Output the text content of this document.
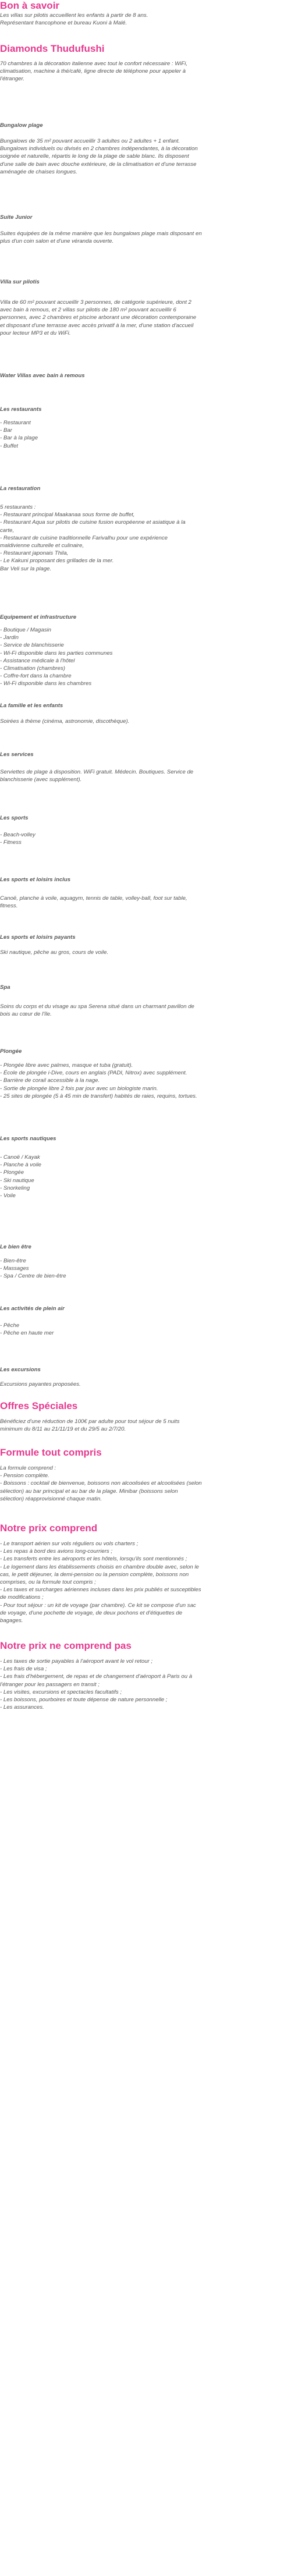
Bon à savoir
Les villas sur pilotis accueillent les enfants à partir de 8 ans.
Représentant francophone et bureau Kuoni à Malé.
Diamonds Thudufushi
70 chambres à la décoration italienne avec tout le confort nécessaire : WiFi,
climatisation, machine à thé/café, ligne directe de téléphone pour appeler à
l'étranger.
Bungalow plage
Bungalows de 35 m² pouvant accueillir 3 adultes ou 2 adultes + 1 enfant.
Bungalows individuels ou divisés en 2 chambres indépendantes, à la décoration
soignée et naturelle, répartis le long de la plage de sable blanc. Ils disposent
d'une salle de bain avec douche extérieure, de la climatisation et d'une terrasse
aménagée de chaises longues.
Suite Junior
Suites équipées de la même manière que les bungalows plage mais disposant en
plus d'un coin salon et d'une véranda ouverte.
Villa sur pilotis
Villa de 60 m² pouvant accueillir 3 personnes, de catégorie supérieure, dont 2
avec bain à remous, et 2 villas sur pilotis de 180 m² pouvant accueillir 6
personnes, avec 2 chambres et piscine arborant une décoration contemporaine
et disposant d'une terrasse avec accès privatif à la mer, d'une station d'accueil
pour lecteur MP3 et du WiFi.
Water Villas avec bain à remous
Les restaurants
- Restaurant
- Bar
- Bar à la plage
- Buffet
La restauration
5 restaurants :
- Restaurant principal Maakanaa sous forme de buffet,
- Restaurant Aqua sur pilotis de cuisine fusion européenne et asiatique à la
carte,
- Restaurant de cuisine traditionnelle Farivalhu pour une expérience
maldivienne culturelle et culinaire,
- Restaurant japonais Thila,
- Le Kakuni proposant des grillades de la mer.
Bar Veli sur la plage.
Equipement et infrastructure
- Boutique / Magasin
- Jardin
- Service de blanchisserie
- Wi-Fi disponible dans les parties communes
- Assistance médicale à l'hôtel
- Climatisation (chambres)
- Coffre-fort dans la chambre
- Wi-Fi disponible dans les chambres
La famille et les enfants
Soirées à thème (cinéma, astronomie, discothèque).
Les services
Serviettes de plage à disposition. WiFi gratuit. Médecin. Boutiques. Service de
blanchisserie (avec supplément).
Les sports
- Beach-volley
- Fitness
Les sports et loisirs inclus
Canoë, planche à voile, aquagym, tennis de table, volley-ball, foot sur table,
fitness.
Les sports et loisirs payants
Ski nautique, pêche au gros, cours de voile.
Spa
Soins du corps et du visage au spa Serena situé dans un charmant pavillon de
bois au cœur de l'île.
Plongée
- Plongée libre avec palmes, masque et tuba (gratuit).
- École de plongée i-Dive, cours en anglais (PADI, Nitrox) avec supplément.
- Barrière de corail accessible à la nage.
- Sortie de plongée libre 2 fois par jour avec un biologiste marin.
- 25 sites de plongée (5 à 45 min de transfert) habités de raies, requins, tortues.
Les sports nautiques
- Canoë / Kayak
- Planche à voile
- Plongée
- Ski nautique
- Snorkeling
- Voile
Le bien être
- Bien-être
- Massages
- Spa / Centre de bien-être
Les activités de plein air
- Pêche
- Pêche en haute mer
Les excursions
Excursions payantes proposées.
Offres Spéciales
Bénéficiez d'une réduction de 100€ par adulte pour tout séjour de 5 nuits
minimum du 8/11 au 21/11/19 et du 29/5 au 2/7/20.
Formule tout compris
La formule comprend :
- Pension complète.
- Boissons : cocktail de bienvenue, boissons non alcoolisées et alcoolisées (selon
sélection) au bar principal et au bar de la plage. Minibar (boissons selon
sélection) réapprovisionné chaque matin.
Notre prix comprend
- Le transport aérien sur vols réguliers ou vols charters ;
- Les repas à bord des avions long-courriers ;
- Les transferts entre les aéroports et les hôtels, lorsqu'ils sont mentionnés ;
- Le logement dans les établissements choisis en chambre double avec, selon le
cas, le petit déjeuner, la demi-pension ou la pension complète, boissons non
comprises, ou la formule tout compris ;
- Les taxes et surcharges aériennes incluses dans les prix publiés et susceptibles
de modifications ;
- Pour tout séjour : un kit de voyage (par chambre). Ce kit se compose d'un sac
de voyage, d'une pochette de voyage, de deux pochons et d'étiquettes de
bagages.
Notre prix ne comprend pas
- Les taxes de sortie payables à l'aéroport avant le vol retour ;
- Les frais de visa ;
- Les frais d'hébergement, de repas et de changement d'aéroport à Paris ou à
l'étranger pour les passagers en transit ;
- Les visites, excursions et spectacles facultatifs ;
- Les boissons, pourboires et toute dépense de nature personnelle ;
- Les assurances.
